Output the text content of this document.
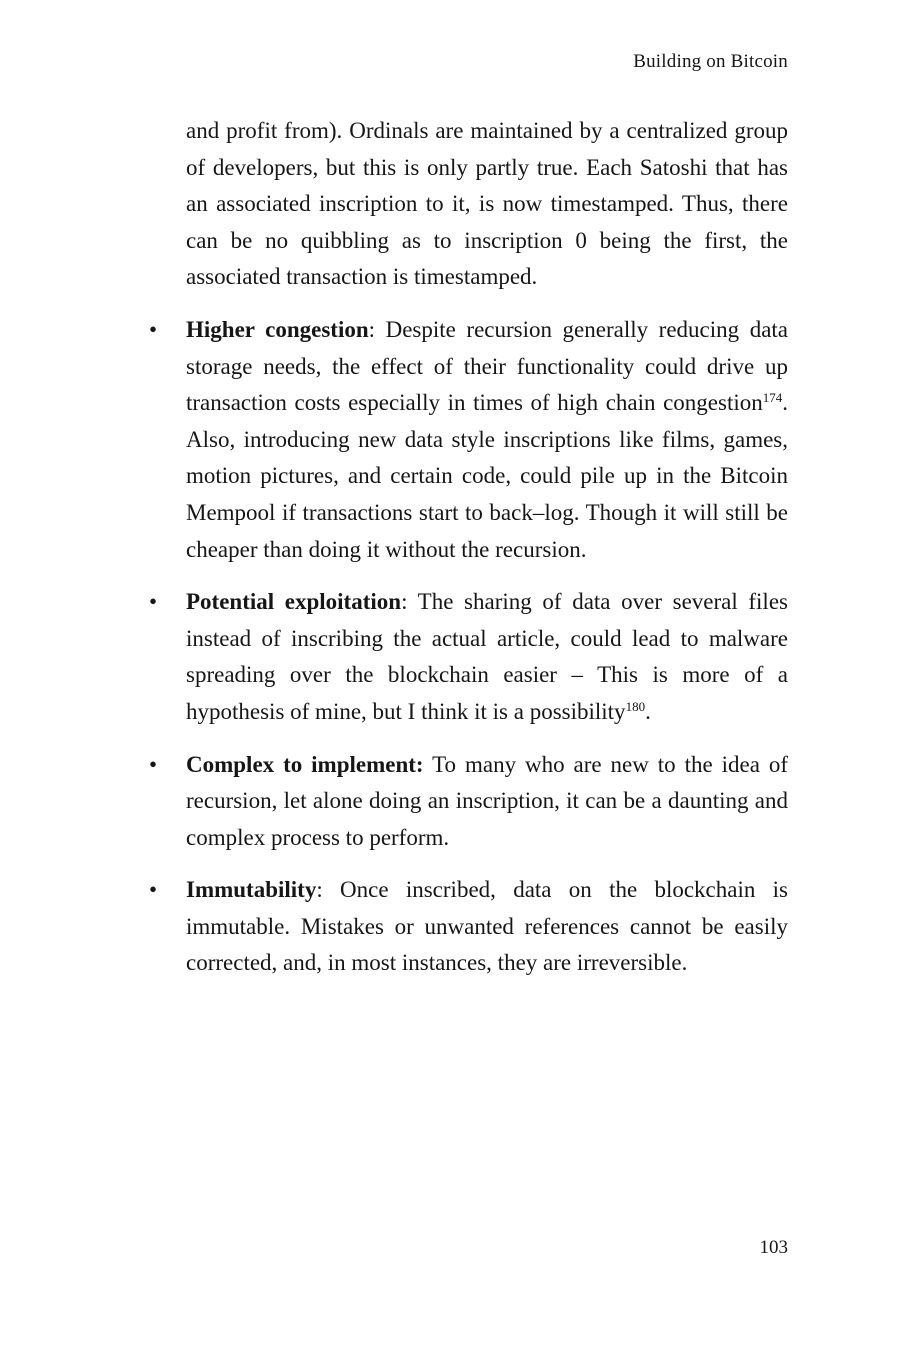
Building on Bitcoin

and profit from). Ordinals are maintained by a centralized group of developers, but this is only partly true. Each Satoshi that has an associated inscription to it, is now timestamped. Thus, there can be no quibbling as to inscription 0 being the first, the associated transaction is timestamped.

• Higher congestion: Despite recursion generally reducing data storage needs, the effect of their functionality could drive up transaction costs especially in times of high chain congestion$^{174}$. Also, introducing new data style inscriptions like films, games, motion pictures, and certain code, could pile up in the Bitcoin Mempool if transactions start to back–log. Though it will still be cheaper than doing it without the recursion.
• Potential exploitation: The sharing of data over several files instead of inscribing the actual article, could lead to malware spreading over the blockchain easier – This is more of a hypothesis of mine, but I think it is a possibility$^{180}$.
• Complex to implement: To many who are new to the idea of recursion, let alone doing an inscription, it can be a daunting and complex process to perform.
• Immutability: Once inscribed, data on the blockchain is immutable. Mistakes or unwanted references cannot be easily corrected, and, in most instances, they are irreversible.
103
